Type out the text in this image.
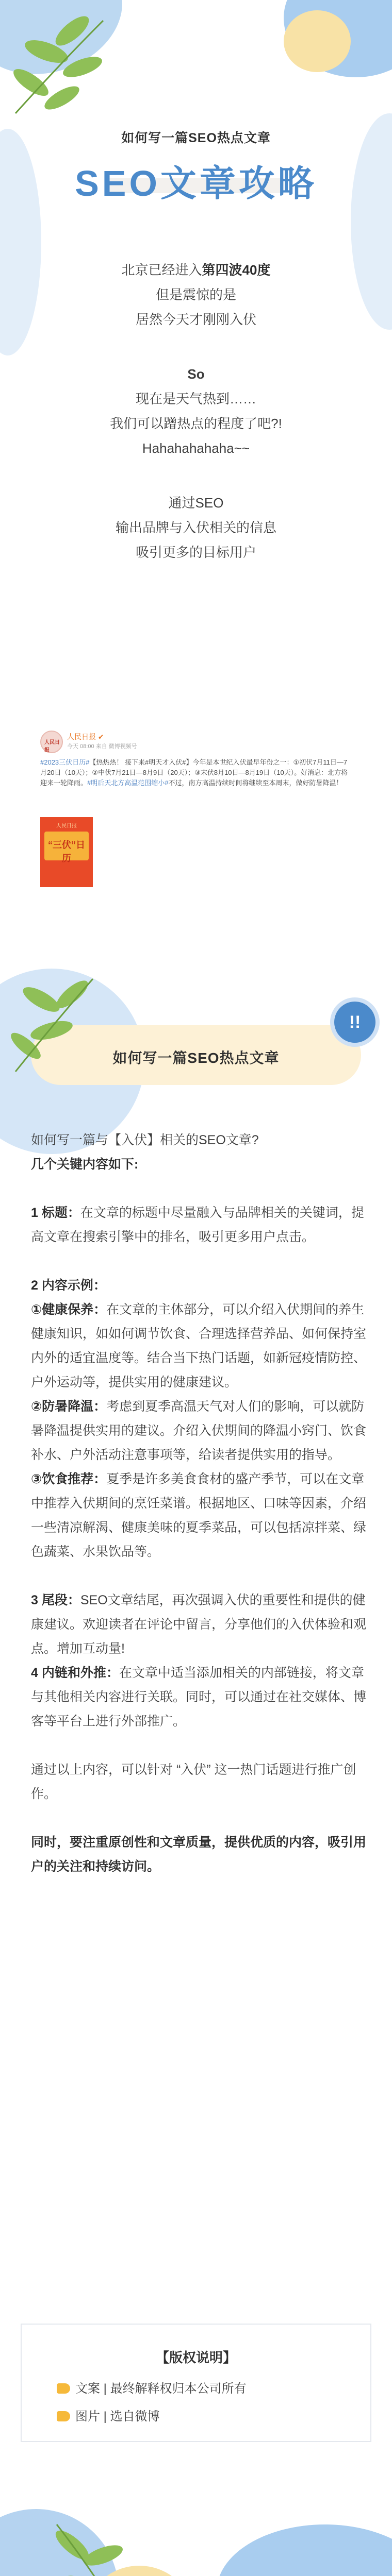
如何写一篇SEO热点文章
SEO文章攻略
北京已经进入第四波40度
但是震惊的是
居然今天才刚刚入伏
So
现在是天气热到……
我们可以蹭热点的程度了吧?!
Hahahahahaha~~
通过SEO
输出品牌与入伏相关的信息
吸引更多的目标用户
人民日报
人民日报 ✔
今天 08:00 来自 微博视频号
#2023三伏日历#【热热热！ 接下来#明天才入伏#】今年是本世纪入伏最早年份之一：①初伏7月11日—7月20日（10天）；②中伏7月21日—8月9日（20天）；③末伏8月10日—8月19日（10天）。好消息：北方将迎来一轮降雨。#明后天北方高温范围缩小#不过，南方高温持续时间将继续至本周末，做好防暑降温！
人民日报
“三伏”日历
如何写一篇SEO热点文章
!!

如何写一篇与【入伏】相关的SEO文章?

几个关键内容如下:

1 标题：在文章的标题中尽量融入与品牌相关的关键词，提高文章在搜索引擎中的排名，吸引更多用户点击。

2 内容示例：

①健康保养：在文章的主体部分，可以介绍入伏期间的养生健康知识，如如何调节饮食、合理选择营养品、如何保持室内外的适宜温度等。结合当下热门话题，如新冠疫情防控、户外运动等，提供实用的健康建议。

②防暑降温：考虑到夏季高温天气对人们的影响，可以就防暑降温提供实用的建议。介绍入伏期间的降温小窍门、饮食补水、户外活动注意事项等，给读者提供实用的指导。

③饮食推荐：夏季是许多美食食材的盛产季节，可以在文章中推荐入伏期间的烹饪菜谱。根据地区、口味等因素，介绍一些清凉解渴、健康美味的夏季菜品，可以包括凉拌菜、绿色蔬菜、水果饮品等。

3 尾段：SEO文章结尾，再次强调入伏的重要性和提供的健康建议。欢迎读者在评论中留言，分享他们的入伏体验和观点。增加互动量!

4 内链和外推：在文章中适当添加相关的内部链接，将文章与其他相关内容进行关联。同时，可以通过在社交媒体、博客等平台上进行外部推广。

通过以上内容，可以针对 “入伏” 这一热门话题进行推广创作。

同时，要注重原创性和文章质量，提供优质的内容，吸引用户的关注和持续访问。

【版权说明】
文案 | 最终解释权归本公司所有
图片 | 选自微博
